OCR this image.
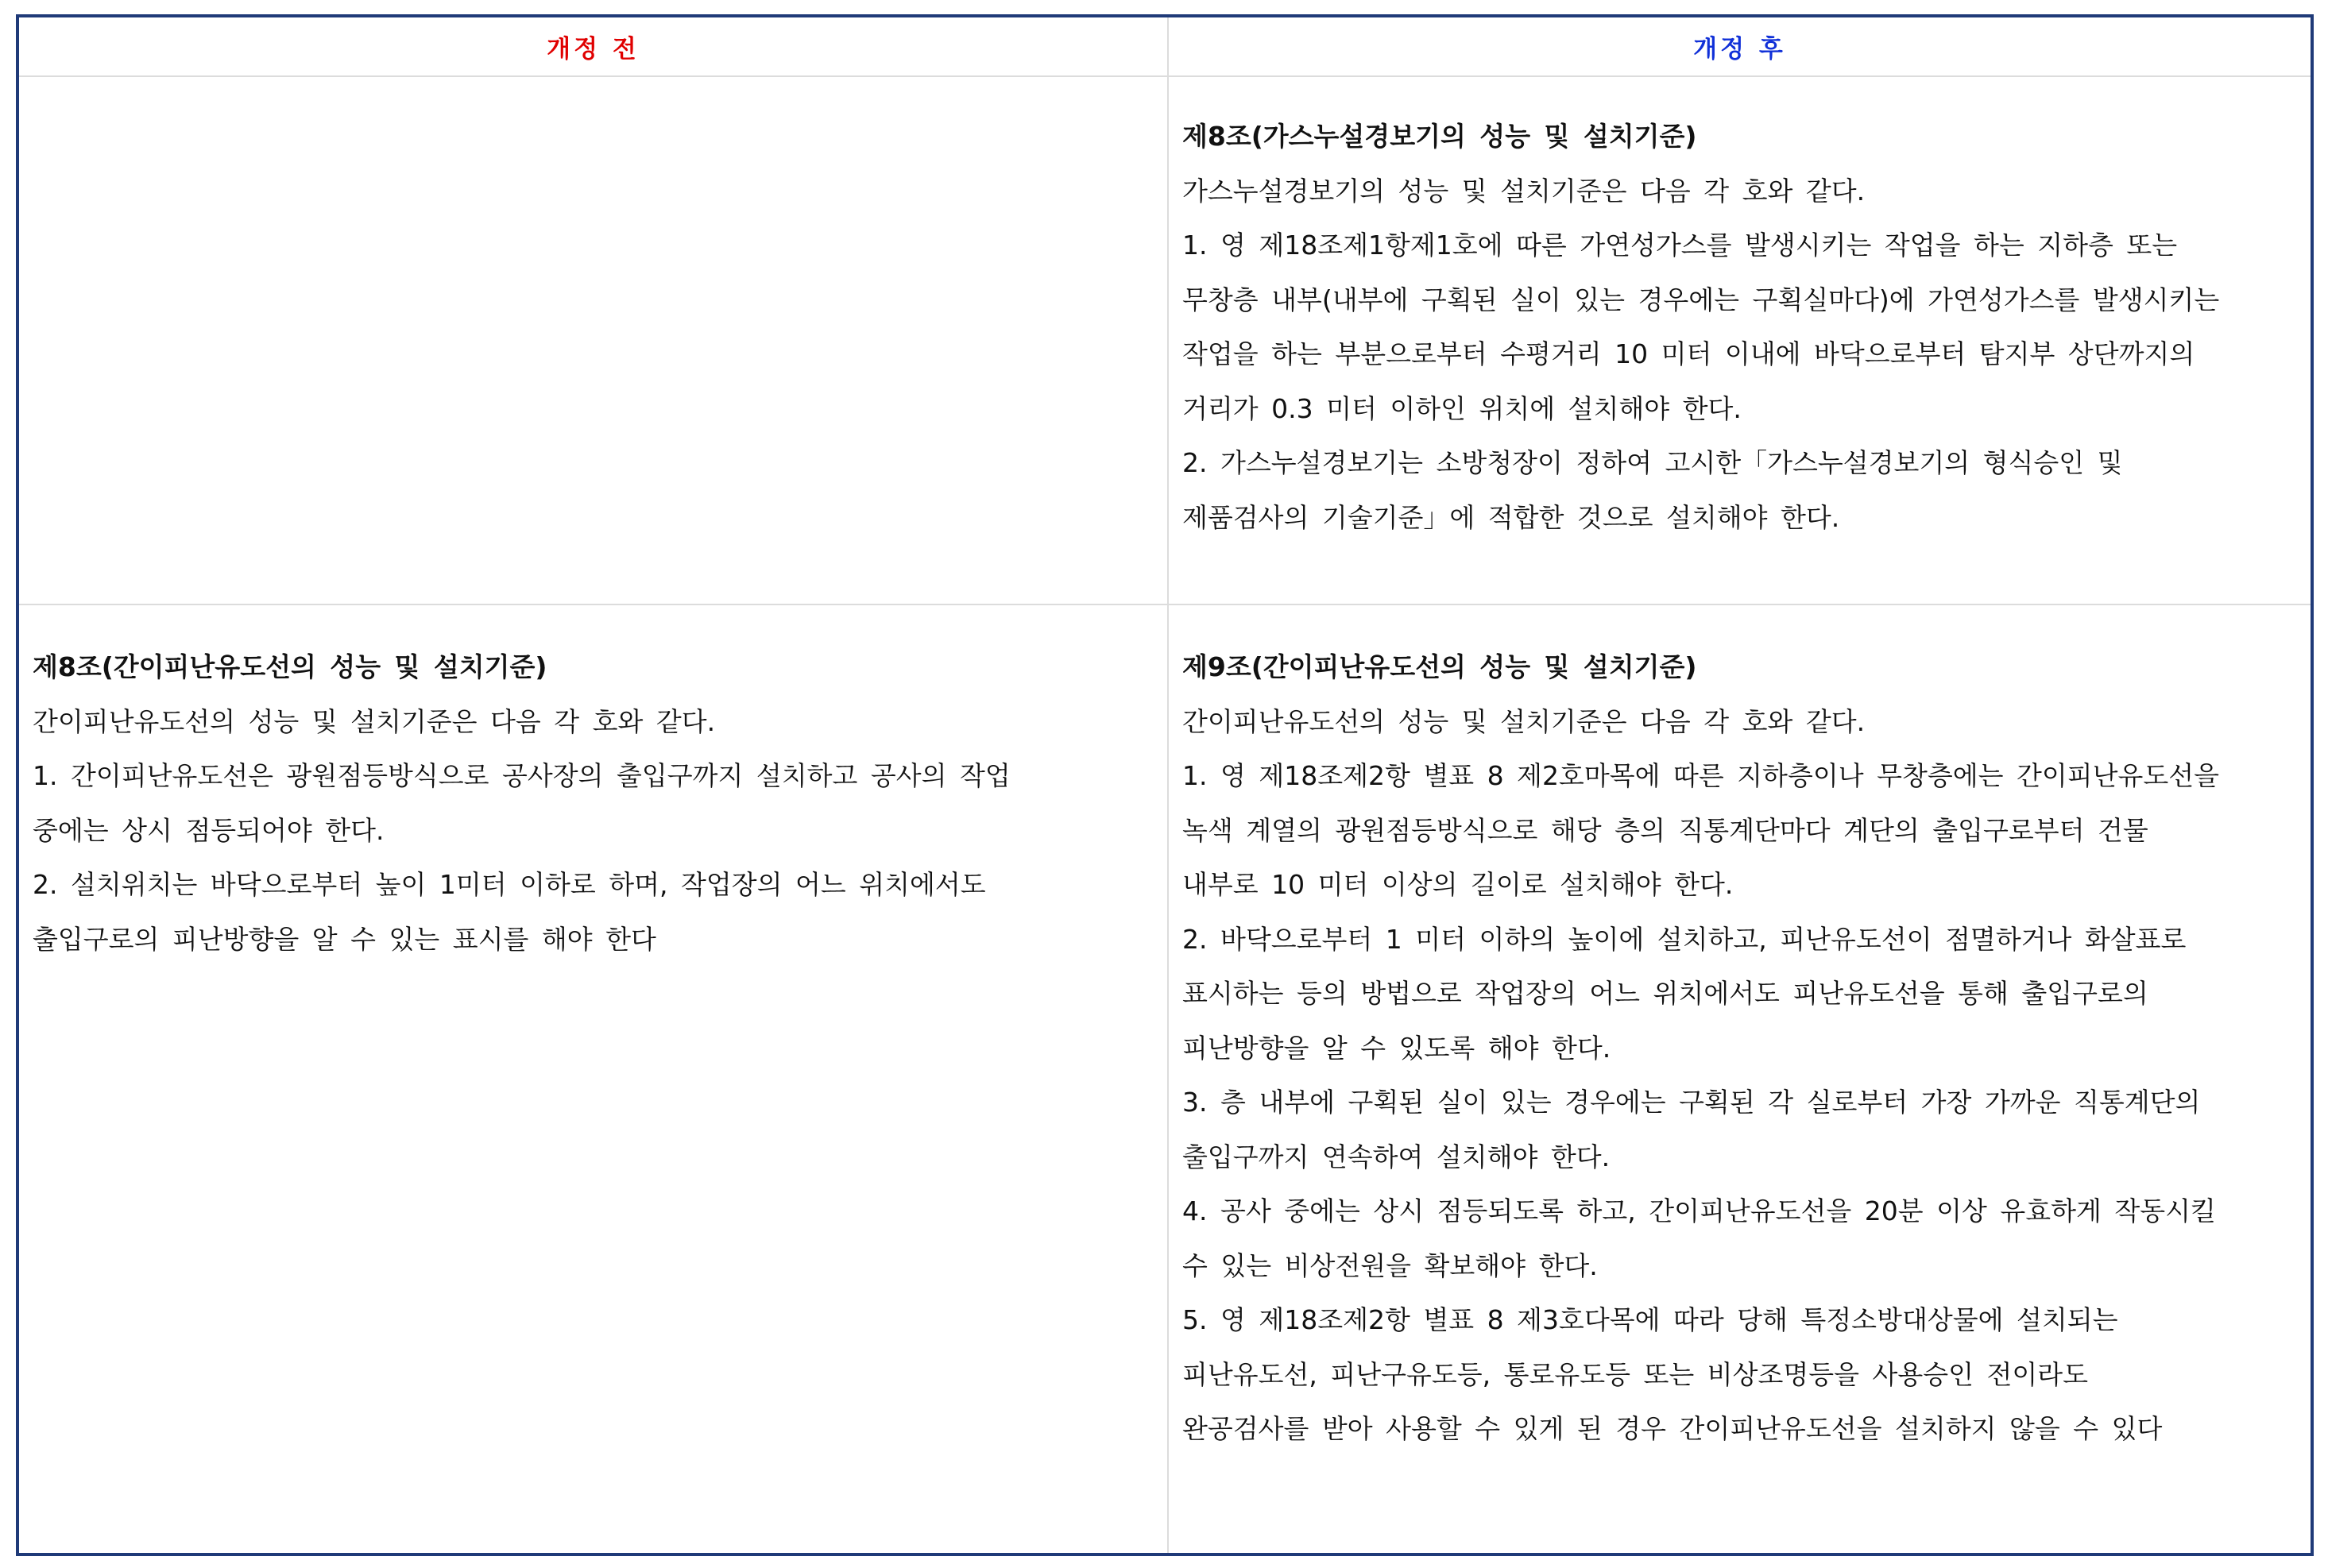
개정 전	개정 후

제8조(가스누설경보기의 성능 및 설치기준)

가스누설경보기의 성능 및 설치기준은 다음 각 호와 같다.

1. 영 제18조제1항제1호에 따른 가연성가스를 발생시키는 작업을 하는 지하층 또는

무창층 내부(내부에 구획된 실이 있는 경우에는 구획실마다)에 가연성가스를 발생시키는

작업을 하는 부분으로부터 수평거리 10 미터 이내에 바닥으로부터 탐지부 상단까지의

거리가 0.3 미터 이하인 위치에 설치해야 한다.

2. 가스누설경보기는 소방청장이 정하여 고시한「가스누설경보기의 형식승인 및

제품검사의 기술기준」에 적합한 것으로 설치해야 한다.

제8조(간이피난유도선의 성능 및 설치기준)

간이피난유도선의 성능 및 설치기준은 다음 각 호와 같다.

1. 간이피난유도선은 광원점등방식으로 공사장의 출입구까지 설치하고 공사의 작업

중에는 상시 점등되어야 한다.

2. 설치위치는 바닥으로부터 높이 1미터 이하로 하며, 작업장의 어느 위치에서도

출입구로의 피난방향을 알 수 있는 표시를 해야 한다

제9조(간이피난유도선의 성능 및 설치기준)

간이피난유도선의 성능 및 설치기준은 다음 각 호와 같다.

1. 영 제18조제2항 별표 8 제2호마목에 따른 지하층이나 무창층에는 간이피난유도선을

녹색 계열의 광원점등방식으로 해당 층의 직통계단마다 계단의 출입구로부터 건물

내부로 10 미터 이상의 길이로 설치해야 한다.

2. 바닥으로부터 1 미터 이하의 높이에 설치하고, 피난유도선이 점멸하거나 화살표로

표시하는 등의 방법으로 작업장의 어느 위치에서도 피난유도선을 통해 출입구로의

피난방향을 알 수 있도록 해야 한다.

3. 층 내부에 구획된 실이 있는 경우에는 구획된 각 실로부터 가장 가까운 직통계단의

출입구까지 연속하여 설치해야 한다.

4. 공사 중에는 상시 점등되도록 하고, 간이피난유도선을 20분 이상 유효하게 작동시킬

수 있는 비상전원을 확보해야 한다.

5. 영 제18조제2항 별표 8 제3호다목에 따라 당해 특정소방대상물에 설치되는

피난유도선, 피난구유도등, 통로유도등 또는 비상조명등을 사용승인 전이라도

완공검사를 받아 사용할 수 있게 된 경우 간이피난유도선을 설치하지 않을 수 있다
